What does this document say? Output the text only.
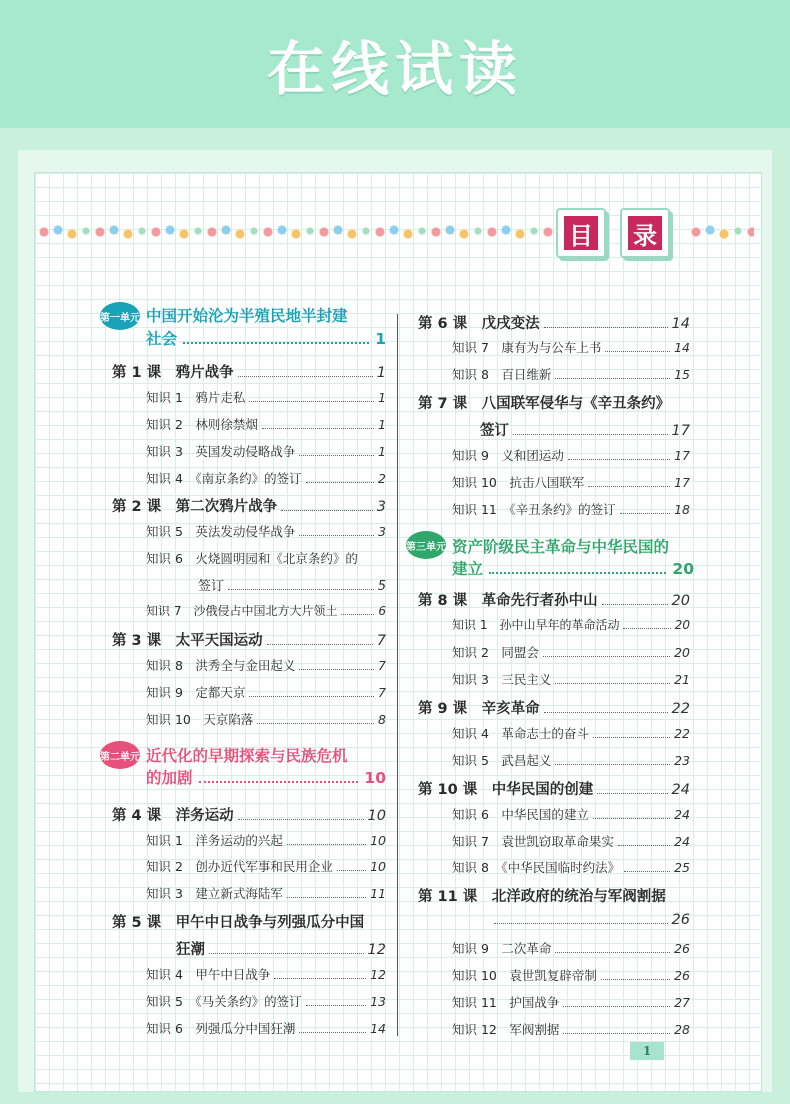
在线试读
目 录
第一单元 中国开始沦为半殖民地半封建
社会	1
第二单元 近代化的早期探索与民族危机
的加剧	10
第三单元 资产阶级民主革命与中华民国的
建立	20
第 1 课　鸦片战争	1
知识 1　鸦片走私	1
知识 2　林则徐禁烟	1
知识 3　英国发动侵略战争	1
知识 4　《南京条约》的签订	2
第 2 课　第二次鸦片战争	3
知识 5　英法发动侵华战争	3
知识 6　火烧圆明园和《北京条约》的
签订	5
知识 7　沙俄侵占中国北方大片领土	6
第 3 课　太平天国运动	7
知识 8　洪秀全与金田起义	7
知识 9　定都天京	7
知识 10　天京陷落	8
第 4 课　洋务运动	10
知识 1　洋务运动的兴起	10
知识 2　创办近代军事和民用企业	10
知识 3　建立新式海陆军	11
第 5 课　甲午中日战争与列强瓜分中国
狂潮	12
知识 4　甲午中日战争	12
知识 5　《马关条约》的签订	13
知识 6　列强瓜分中国狂潮	14
第 6 课　戊戌变法	14
知识 7　康有为与公车上书	14
知识 8　百日维新	15
第 7 课　八国联军侵华与《辛丑条约》
签订	17
知识 9　义和团运动	17
知识 10　抗击八国联军	17
知识 11　《辛丑条约》的签订	18
第 8 课　革命先行者孙中山	20
知识 1　孙中山早年的革命活动	20
知识 2　同盟会	20
知识 3　三民主义	21
第 9 课　辛亥革命	22
知识 4　革命志士的奋斗	22
知识 5　武昌起义	23
第 10 课　中华民国的创建	24
知识 6　中华民国的建立	24
知识 7　袁世凯窃取革命果实	24
知识 8　《中华民国临时约法》	25
第 11 课　北洋政府的统治与军阀割据
26
知识 9　二次革命	26
知识 10　袁世凯复辟帝制	26
知识 11　护国战争	27
知识 12　军阀割据	28
1
